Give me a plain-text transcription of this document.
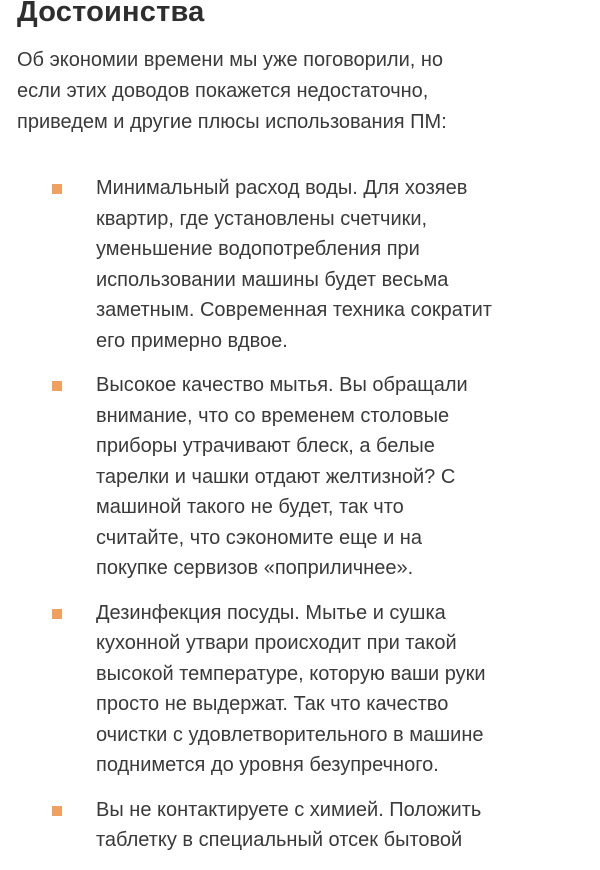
Достоинства
Об экономии времени мы уже поговорили, но
если этих доводов покажется недостаточно,
приведем и другие плюсы использования ПМ:
Минимальный расход воды. Для хозяев
квартир, где установлены счетчики,
уменьшение водопотребления при
использовании машины будет весьма
заметным. Современная техника сократит
его примерно вдвое.
Высокое качество мытья. Вы обращали
внимание, что со временем столовые
приборы утрачивают блеск, а белые
тарелки и чашки отдают желтизной? С
машиной такого не будет, так что
считайте, что сэкономите еще и на
покупке сервизов «поприличнее».
Дезинфекция посуды. Мытье и сушка
кухонной утвари происходит при такой
высокой температуре, которую ваши руки
просто не выдержат. Так что качество
очистки с удовлетворительного в машине
поднимется до уровня безупречного.
Вы не контактируете с химией. Положить
таблетку в специальный отсек бытовой
